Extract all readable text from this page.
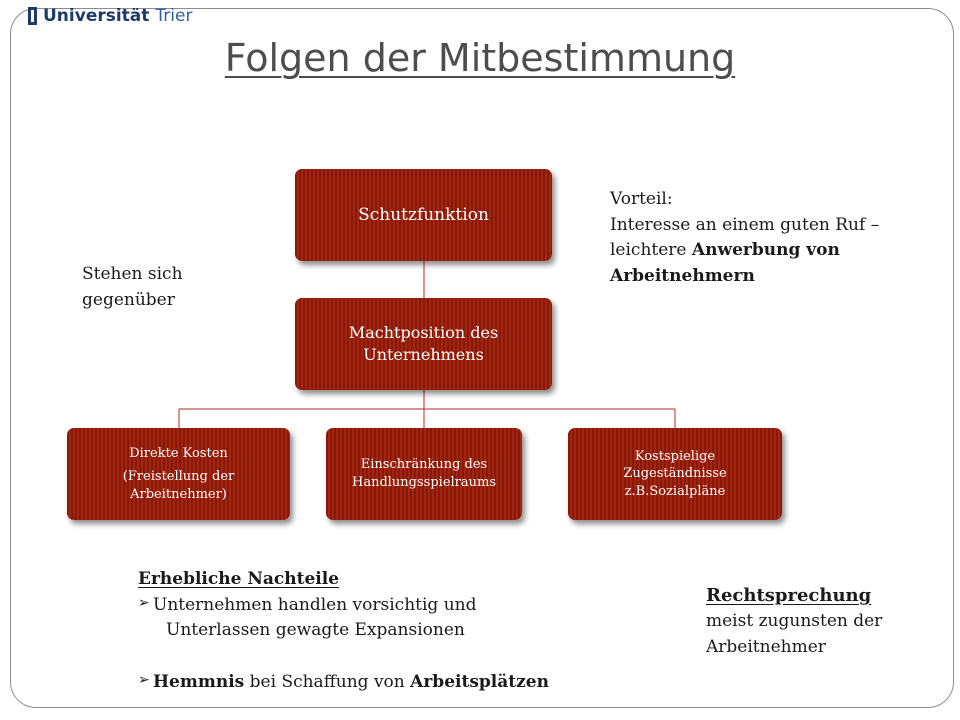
Universität Trier
Folgen der Mitbestimmung
Schutzfunktion
Machtposition des
Unternehmens
Direkte Kosten
(Freistellung der
Arbeitnehmer)
Einschränkung des
Handlungsspielraums
Kostspielige
Zugeständnisse
z.B.Sozialpläne
Vorteil:
Interesse an einem guten Ruf –
leichtere Anwerbung von
Arbeitnehmern
Stehen sich
gegenüber
Erhebliche Nachteile
➢ Unternehmen handlen vorsichtig und
Unterlassen gewagte Expansionen
➢ Hemmnis bei Schaffung von Arbeitsplätzen
Rechtsprechung
meist zugunsten der
Arbeitnehmer
